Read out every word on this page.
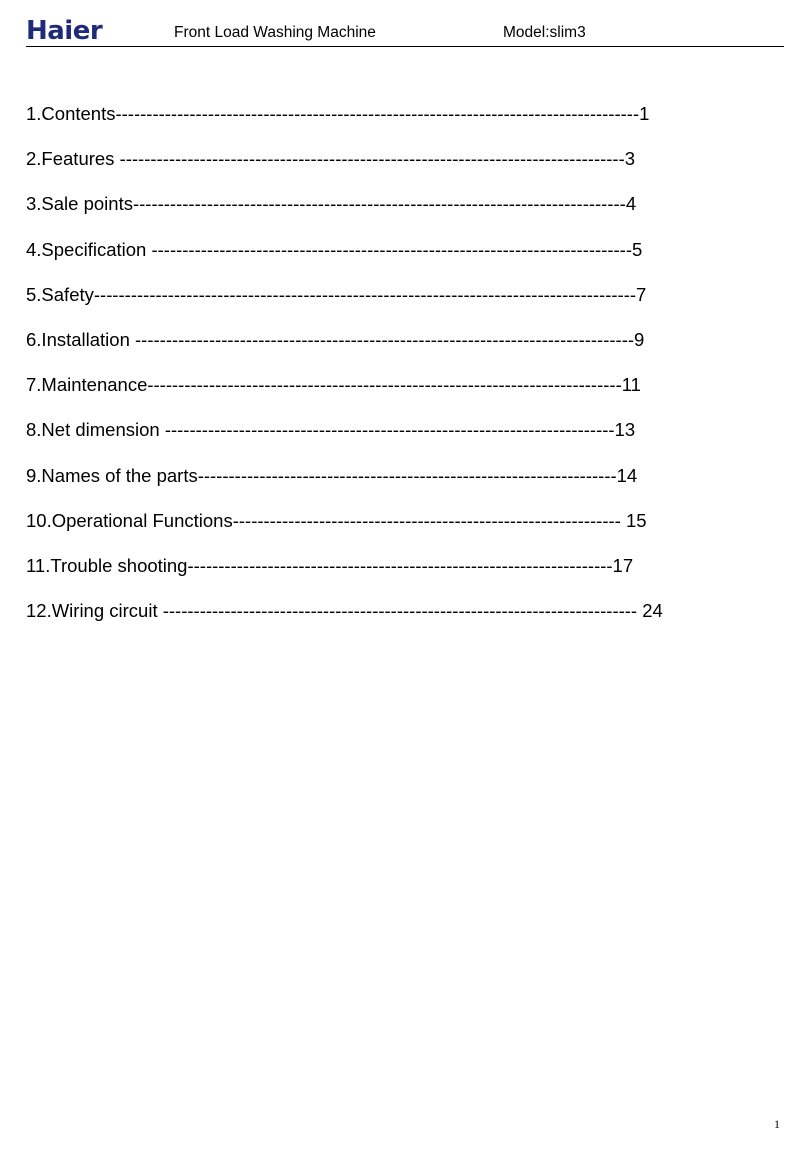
Haier	Front Load Washing Machine	Model:slim3
1.Contents-------------------------------------------------------------------------------------1
2.Features ----------------------------------------------------------------------------------3
3.Sale points--------------------------------------------------------------------------------4
4.Specification ------------------------------------------------------------------------------5
5.Safety----------------------------------------------------------------------------------------7
6.Installation ---------------------------------------------------------------------------------9
7.Maintenance-----------------------------------------------------------------------------11
8.Net dimension -------------------------------------------------------------------------13
9.Names of the parts--------------------------------------------------------------------14
10.Operational Functions--------------------------------------------------------------- 15
11.Trouble shooting---------------------------------------------------------------------17
12.Wiring circuit ----------------------------------------------------------------------------- 24
1
